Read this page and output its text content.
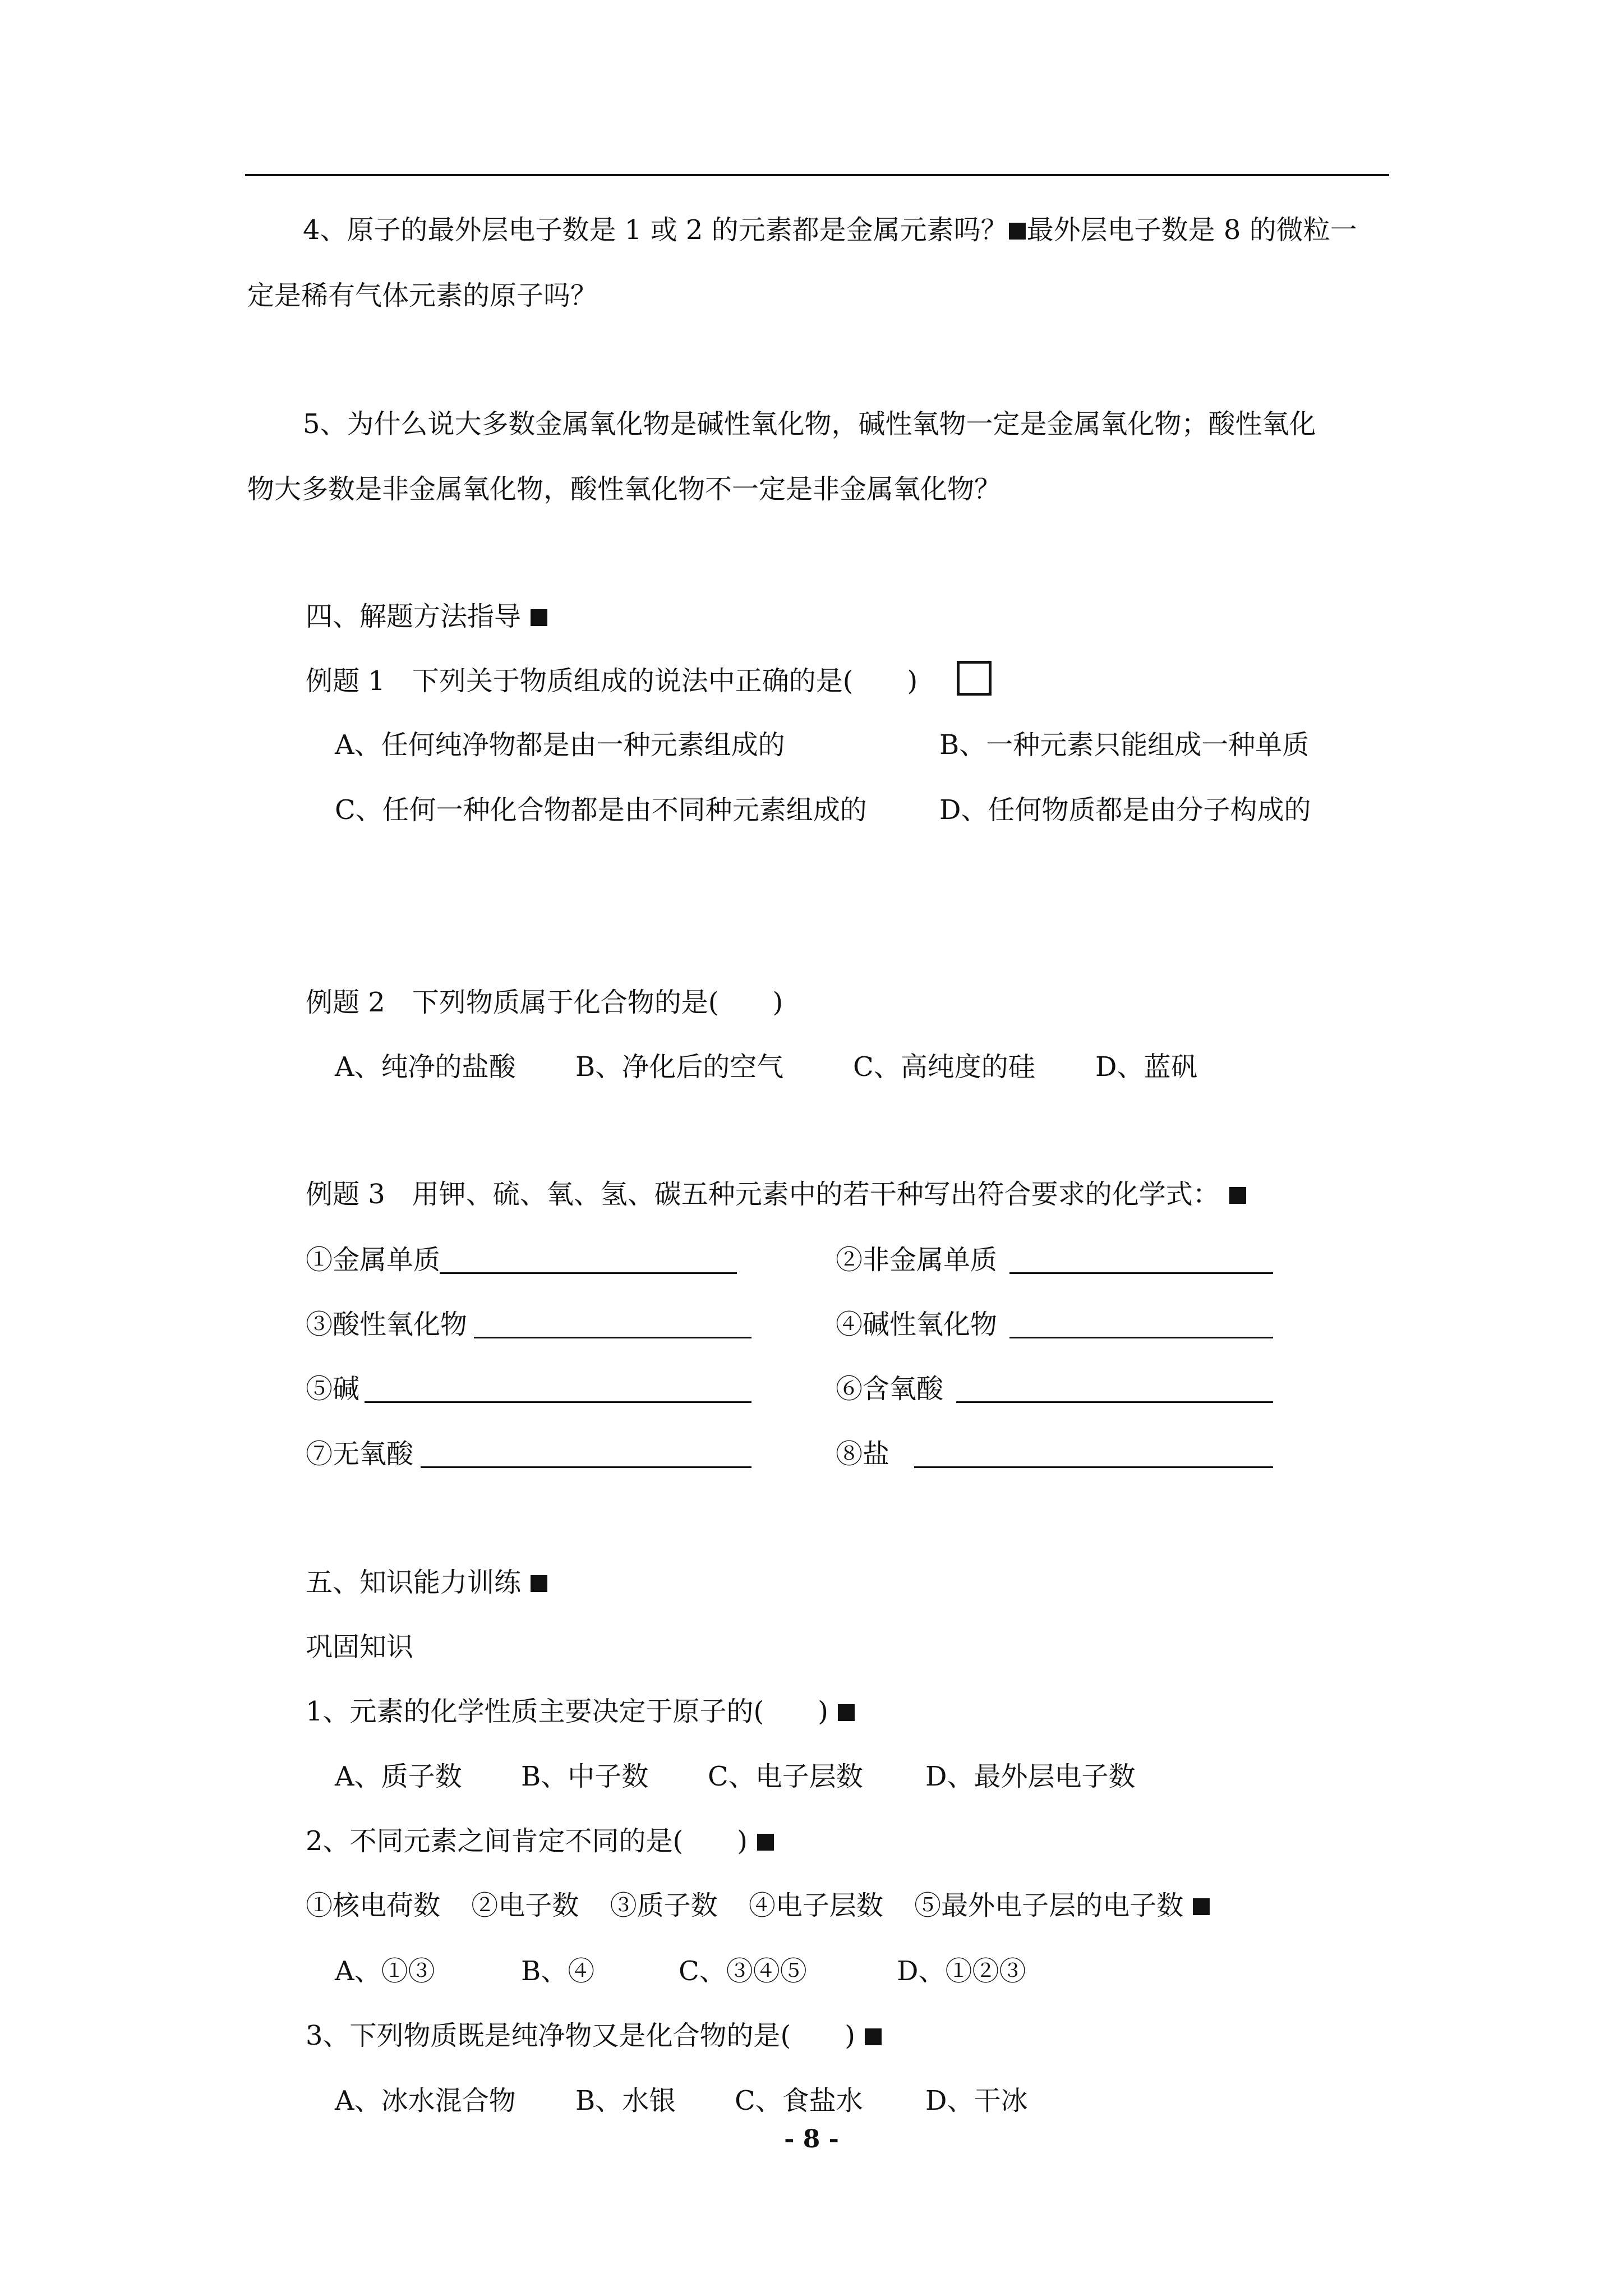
4、原子的最外层电子数是 1 或 2 的元素都是金属元素吗？ 最外层电子数是 8 的微粒一
定是稀有气体元素的原子吗？
5、为什么说大多数金属氧化物是碱性氧化物，碱性氧物一定是金属氧化物；酸性氧化
物大多数是非金属氧化物，酸性氧化物不一定是非金属氧化物？
四、解题方法指导
例题 1　下列关于物质组成的说法中正确的是(　　)
A、任何纯净物都是由一种元素组成的	B、一种元素只能组成一种单质
C、任何一种化合物都是由不同种元素组成的	D、任何物质都是由分子构成的
例题 2　下列物质属于化合物的是(　　)
A、纯净的盐酸 B、净化后的空气	C、高纯度的硅 D、蓝矾
例题 3　用钾、硫、氧、氢、碳五种元素中的若干种写出符合要求的化学式：
①金属单质	②非金属单质
③酸性氧化物	④碱性氧化物
⑤碱	⑥含氧酸
⑦无氧酸	⑧盐
五、知识能力训练
巩固知识
1、元素的化学性质主要决定于原子的(　　)
A、质子数 B、中子数 C、电子层数 D、最外层电子数
2、不同元素之间肯定不同的是(　　)
①核电荷数 ②电子数 ③质子数 ④电子层数 ⑤最外电子层的电子数
A、①③	B、④	C、③④⑤	D、①②③
3、下列物质既是纯净物又是化合物的是(　　)
A、冰水混合物 B、水银 C、食盐水 D、干冰
- 8 -
